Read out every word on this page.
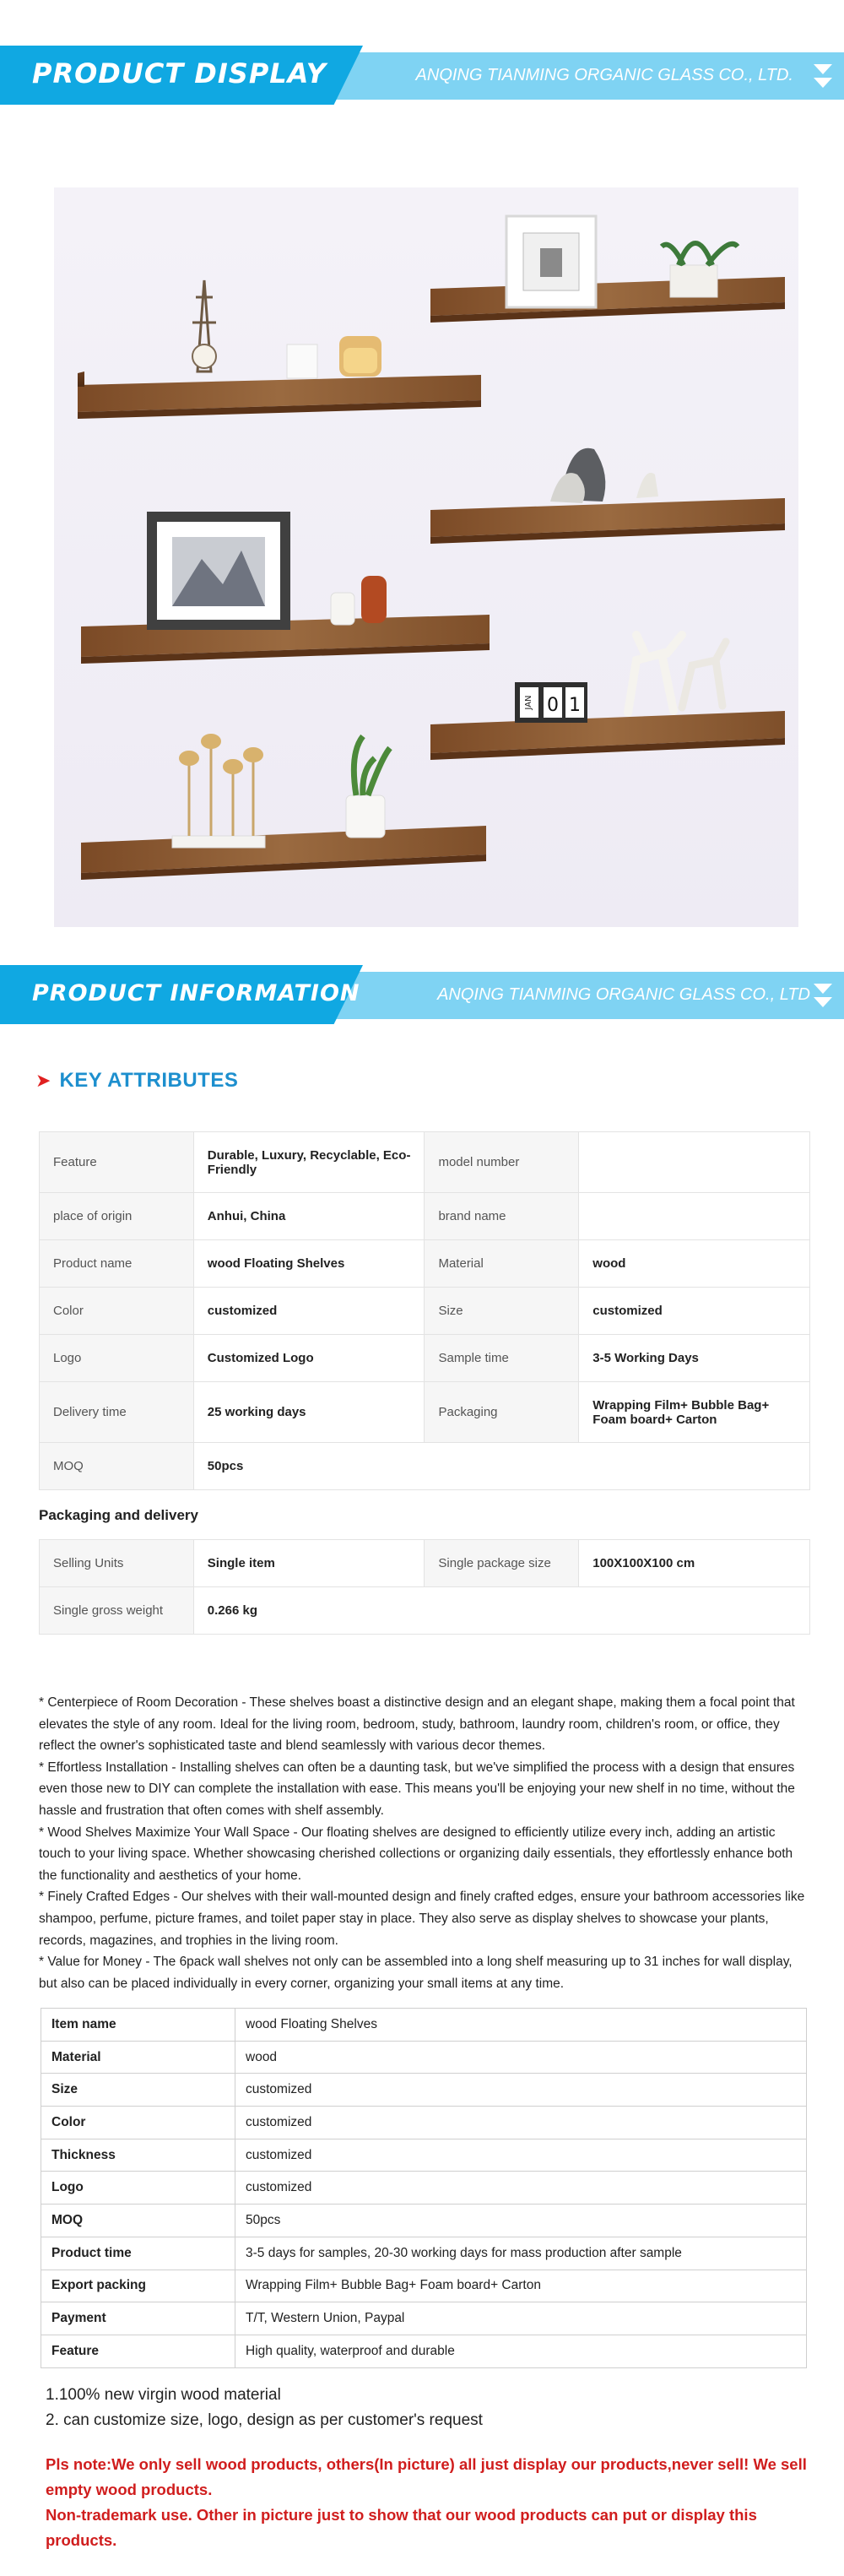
PRODUCT DISPLAY	ANQING TIANMING ORGANIC GLASS CO., LTD.
JAN 0 1
PRODUCT INFORMATION	ANQING TIANMING ORGANIC GLASS CO., LTD
➤ KEY ATTRIBUTES
Feature	Durable, Luxury, Recyclable, Eco-Friendly	model number	
place of origin	Anhui, China	brand name	
Product name	wood Floating Shelves	Material	wood
Color	customized	Size	customized
Logo	Customized Logo	Sample time	3-5 Working Days
Delivery time	25 working days	Packaging	Wrapping Film+ Bubble Bag+ Foam board+ Carton
MOQ	50pcs		
Packaging and delivery
Selling Units	Single item	Single package size	100X100X100 cm
Single gross weight	0.266 kg		

* Centerpiece of Room Decoration - These shelves boast a distinctive design and an elegant shape, making them a focal point that elevates the style of any room. Ideal for the living room, bedroom, study, bathroom, laundry room, children's room, or office, they reflect the owner's sophisticated taste and blend seamlessly with various decor themes.

* Effortless Installation - Installing shelves can often be a daunting task, but we've simplified the process with a design that ensures even those new to DIY can complete the installation with ease. This means you'll be enjoying your new shelf in no time, without the hassle and frustration that often comes with shelf assembly.

* Wood Shelves Maximize Your Wall Space - Our floating shelves are designed to efficiently utilize every inch, adding an artistic touch to your living space. Whether showcasing cherished collections or organizing daily essentials, they effortlessly enhance both the functionality and aesthetics of your home.

* Finely Crafted Edges - Our shelves with their wall-mounted design and finely crafted edges, ensure your bathroom accessories like shampoo, perfume, picture frames, and toilet paper stay in place. They also serve as display shelves to showcase your plants, records, magazines, and trophies in the living room.

* Value for Money - The 6pack wall shelves not only can be assembled into a long shelf measuring up to 31 inches for wall display, but also can be placed individually in every corner, organizing your small items at any time.

Item name	wood Floating Shelves
Material	wood
Size	customized
Color	customized
Thickness	customized
Logo	customized
MOQ	50pcs
Product time	3-5 days for samples, 20-30 working days for mass production after sample
Export packing	Wrapping Film+ Bubble Bag+ Foam board+ Carton
Payment	T/T, Western Union, Paypal
Feature	High quality, waterproof and durable
1.100% new virgin wood material
2. can customize size, logo, design as per customer's request
Pls note:We only sell wood products, others(In picture) all just display our products,never sell! We sell empty wood products.
Non-trademark use. Other in picture just to show that our wood products can put or display this products.
